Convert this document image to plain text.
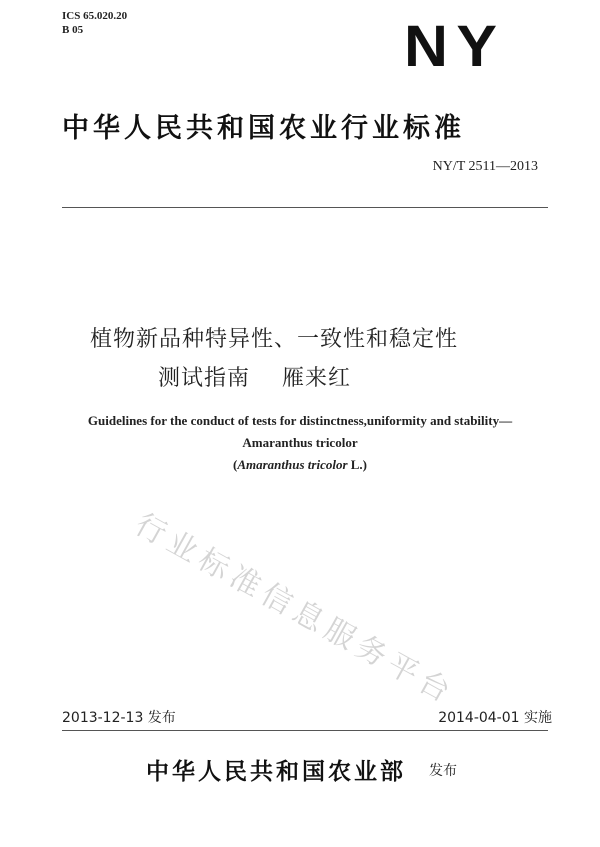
ICS 65.020.20
B 05	NY
中华人民共和国农业行业标准
NY/T 2511—2013
植物新品种特异性、一致性和稳定性
测试指南 雁来红
Guidelines for the conduct of tests for distinctness,uniformity and stability—
Amaranthus tricolor
(Amaranthus tricolor L.)
行业标准信息服务平台
2013-12-13 发布	2014-04-01 实施
中华人民共和国农业部 发布
